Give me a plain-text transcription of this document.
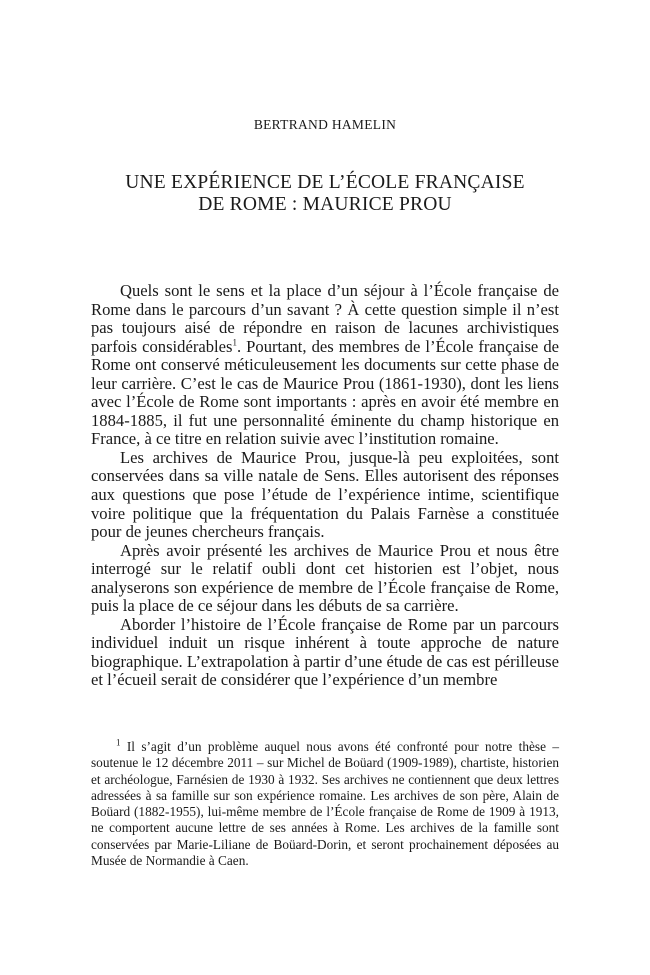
BERTRAND HAMELIN
UNE EXPÉRIENCE DE L’ÉCOLE FRANÇAISE
DE ROME : MAURICE PROU

Quels sont le sens et la place d’un séjour à l’École française de Rome dans le parcours d’un savant ? À cette question simple il n’est pas toujours aisé de répondre en raison de lacunes archivistiques parfois considérables$^1$. Pourtant, des membres de l’École française de Rome ont conservé méticuleusement les documents sur cette phase de leur carrière. C’est le cas de Maurice Prou (1861-1930), dont les liens avec l’École de Rome sont importants : après en avoir été membre en 1884-1885, il fut une personnalité éminente du champ historique en France, à ce titre en relation suivie avec l’institution romaine.

Les archives de Maurice Prou, jusque-là peu exploitées, sont conservées dans sa ville natale de Sens. Elles autorisent des réponses aux questions que pose l’étude de l’expérience intime, scientifique voire politique que la fréquentation du Palais Farnèse a constituée pour de jeunes chercheurs français.

Après avoir présenté les archives de Maurice Prou et nous être interrogé sur le relatif oubli dont cet historien est l’objet, nous analyserons son expérience de membre de l’École française de Rome, puis la place de ce séjour dans les débuts de sa carrière.

Aborder l’histoire de l’École française de Rome par un parcours individuel induit un risque inhérent à toute approche de nature biographique. L’extrapolation à partir d’une étude de cas est périlleuse et l’écueil serait de considérer que l’expérience d’un membre

$^1$ Il s’agit d’un problème auquel nous avons été confronté pour notre thèse – soutenue le 12 décembre 2011 – sur Michel de Boüard (1909-1989), chartiste, historien et archéologue, Farnésien de 1930 à 1932. Ses archives ne contiennent que deux lettres adressées à sa famille sur son expérience romaine. Les archives de son père, Alain de Boüard (1882-1955), lui-même membre de l’École française de Rome de 1909 à 1913, ne comportent aucune lettre de ses années à Rome. Les archives de la famille sont conservées par Marie-Liliane de Boüard-Dorin, et seront prochainement déposées au Musée de Normandie à Caen.
